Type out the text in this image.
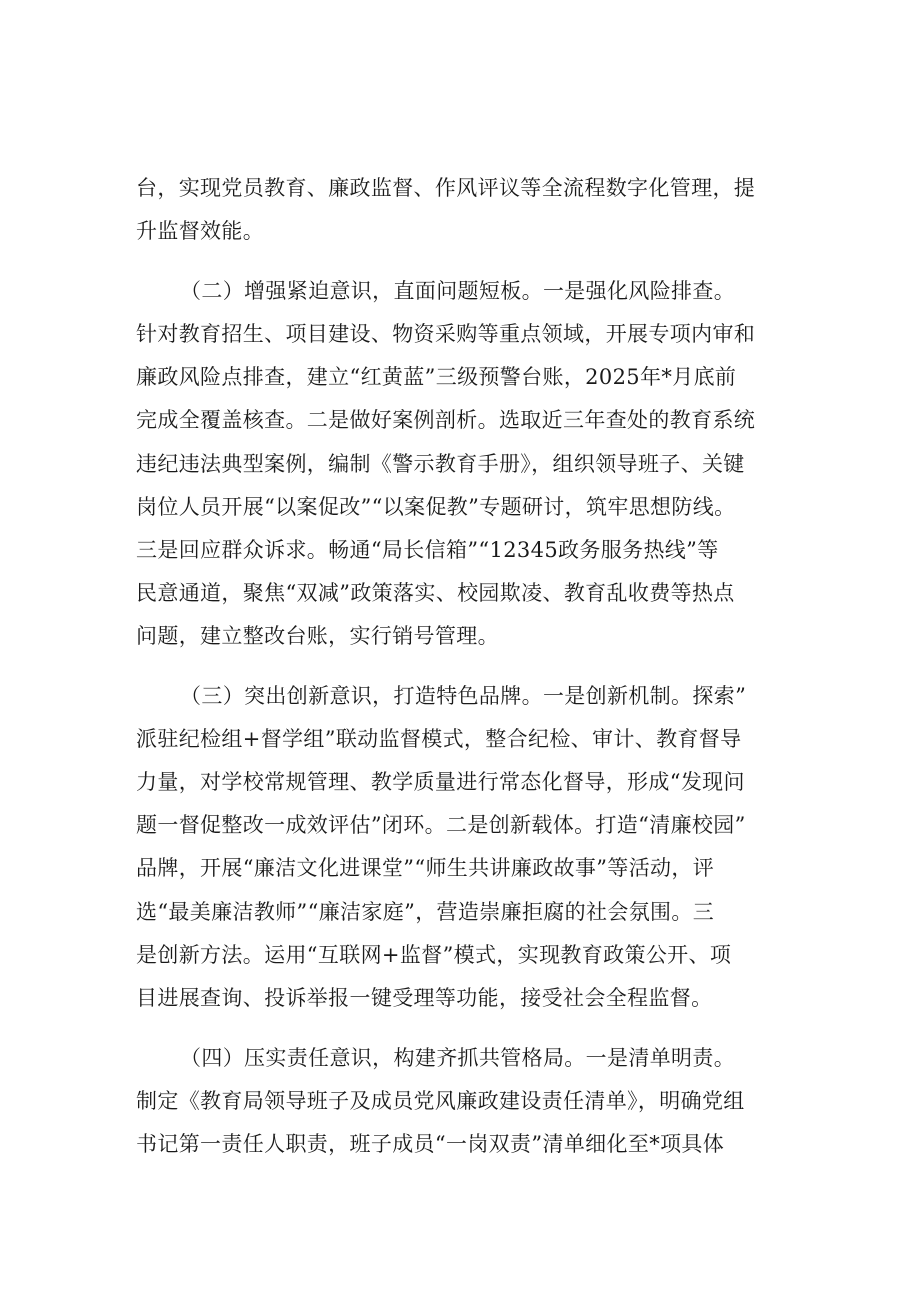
台，实现党员教育、廉政监督、作风评议等全流程数字化管理，提
升监督效能。
（二）增强紧迫意识，直面问题短板。一是强化风险排查。
针对教育招生、项目建设、物资采购等重点领域，开展专项内审和
廉政风险点排查，建立“红黄蓝”三级预警台账，2025年*月底前
完成全覆盖核查。二是做好案例剖析。选取近三年查处的教育系统
违纪违法典型案例，编制《警示教育手册》，组织领导班子、关键
岗位人员开展“以案促改”“以案促教”专题研讨，筑牢思想防线。
三是回应群众诉求。畅通“局长信箱”“12345政务服务热线”等
民意通道，聚焦“双减”政策落实、校园欺凌、教育乱收费等热点
问题，建立整改台账，实行销号管理。
（三）突出创新意识，打造特色品牌。一是创新机制。探索”
派驻纪检组+督学组”联动监督模式，整合纪检、审计、教育督导
力量，对学校常规管理、教学质量进行常态化督导，形成“发现问
题一督促整改一成效评估”闭环。二是创新载体。打造“清廉校园”
品牌，开展“廉洁文化进课堂”“师生共讲廉政故事”等活动，评
选“最美廉洁教师”“廉洁家庭”，营造崇廉拒腐的社会氛围。三
是创新方法。运用“互联网+监督”模式，实现教育政策公开、项
目进展查询、投诉举报一键受理等功能，接受社会全程监督。
（四）压实责任意识，构建齐抓共管格局。一是清单明责。
制定《教育局领导班子及成员党风廉政建设责任清单》，明确党组
书记第一责任人职责，班子成员“一岗双责”清单细化至*项具体
